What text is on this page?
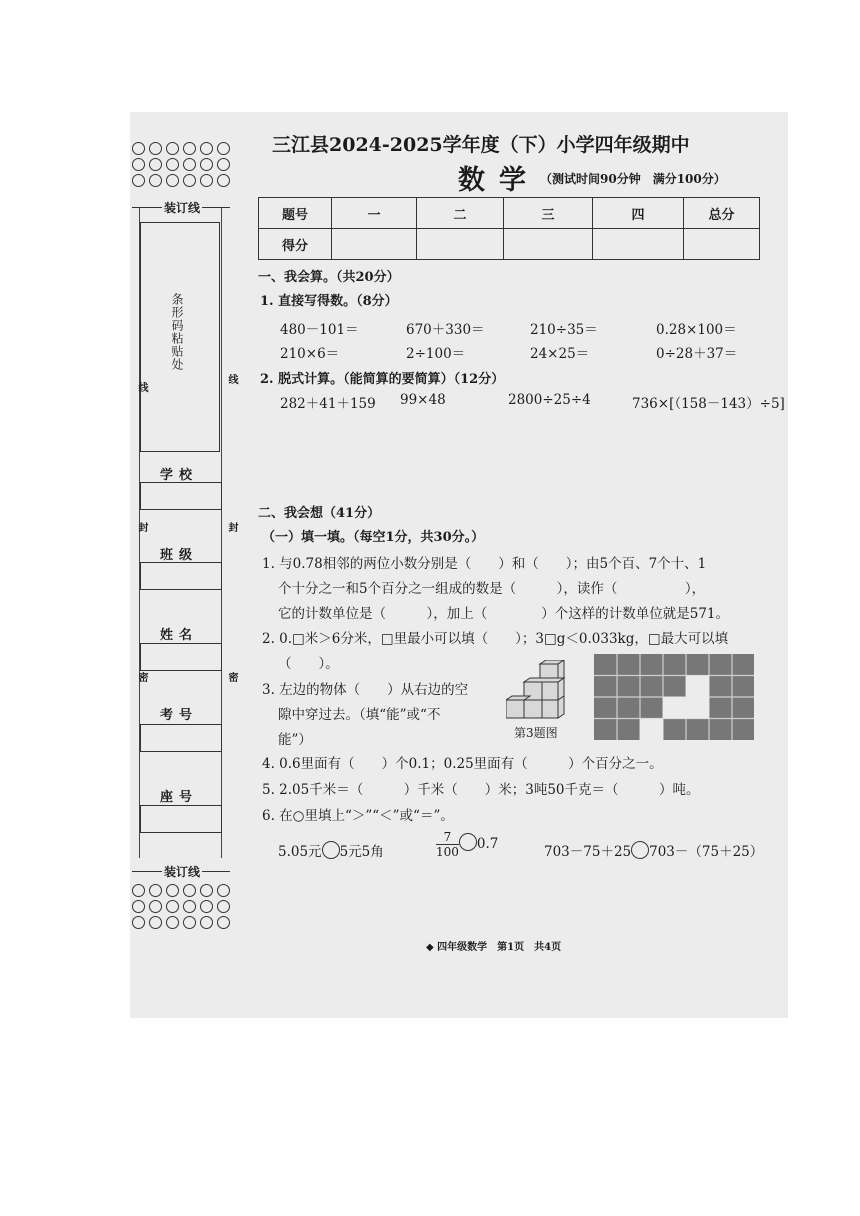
装订线
条形码粘贴处
线
线
封	封
密	密
学校
班级
姓名
考号
座号
装订线
三江县2024-2025学年度（下）小学四年级期中
数学 （测试时间90分钟　满分100分）
题号	一	二	三	四	总分
得分					
一、我会算。（共20分）
1. 直接写得数。（8分）
480－101＝	670＋330＝	210÷35＝	0.28×100＝
210×6＝	2÷100＝	24×25＝	0÷28＋37＝
2. 脱式计算。（能简算的要简算）（12分）
282＋41＋159 99×48	2800÷25÷4	736×[（158－143）÷5]
二、我会想（41分）
（一）填一填。（每空1分，共30分。）
1. 与0.78相邻的两位小数分别是（　　）和（　　）；由5个百、7个十、1
个十分之一和5个百分之一组成的数是（　　　），读作（　　　　　），
它的计数单位是（　　　），加上（　　　　）个这样的计数单位就是571。
2. 0.□米＞6分米，□里最小可以填（　　）；3□g＜0.033kg，□最大可以填
（　　）。
3. 左边的物体（　　）从右边的空
隙中穿过去。（填“能”或“不
能”）	第3题图
4. 0.6里面有（　　）个0.1；0.25里面有（　　　）个百分之一。
5. 2.05千米＝（　　　）千米（　　）米；3吨50千克＝（　　　）吨。
6. 在○里填上“＞”“＜”或“＝”。
5.05元 5元5角	$\frac{7}{100} 0.7$	703－75＋25 703－（75＋25）
◆ 四年级数学　第1页　共4页
